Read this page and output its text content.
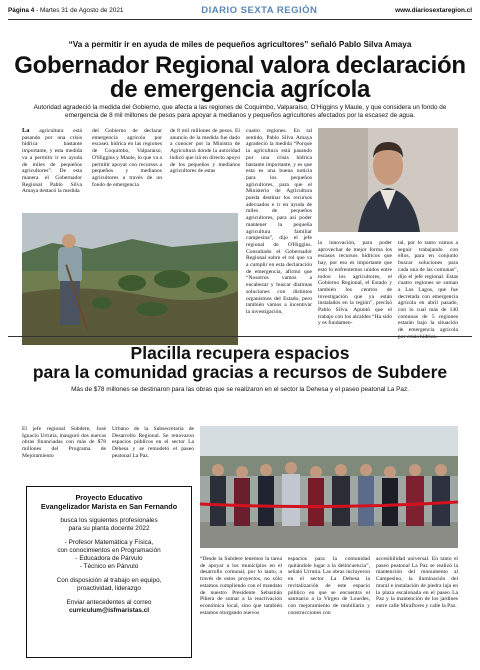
Página 4 - Martes 31 de Agosto de 2021	DIARIO SEXTA REGIÓN	www.diariosextaregion.cl
“Va a permitir ir en ayuda de miles de pequeños agricultores” señaló Pablo Silva Amaya
Gobernador Regional valora declaración
de emergencia agrícola
Autoridad agradeció la medida del Gobierno, que afecta a las regiones de Coquimbo, Valparaíso, O'Higgins y Maule, y que considera un fondo de emergencia de 8 mil millones de pesos para apoyar a medianos y pequeños agricultores afectados por la escasez de agua.
La agricultura está pasando por una crisis hídrica bastante importante, y esta medida va a permitir ir en ayuda de miles de pequeños agricultores”. De esta manera el Gobernador Regional Pablo Silva Amaya destacó la medida
del Gobierno de declarar emergencia agrícola por escasez hídrica en las regiones de Coquimbo, Valparaíso, O'Higgins y Maule, lo que va a permitir apoyar con recursos a pequeños y medianos agricultores a través de un fondo de emergencia
de 8 mil millones de pesos. El anuncio de la medida fue dado a conocer por la Ministra de Agricultura donde la autoridad indicó que irá en directo apoyo de los pequeños y medianos agricultores de estas
cuatro regiones. En tal sentido, Pablo Silva Amaya agradeció la medida “Porque la agricultura está pasando por una crisis hídrica bastante importante, y es que esta es una buena noticia para los pequeños agricultores, para que el Ministerio de Agricultura pueda destinar los recursos adecuados e ir en ayuda de miles de pequeños agricultores, para así poder mantener la pequeña agricultura familiar campesina”, dijo el jefe regional de O'Higgins. Consultado el Gobernador Regional sobre el rol que va a cumplir en esta declaración de emergencia, afirmó que “Nosotros vamos a encabezar y buscar distintas soluciones con distintos organismos del Estado, pero también vamos a incentivar la investigación,
la innovación, para poder aprovechar de mejor forma los escasos recursos hídricos que hay, por eso es importante que esto lo enfrentemos unidos entre todos: los agricultores, el Gobierno Regional, el Estado y también los centros de investigación que ya están instalados en la región”, precisó Pablo Silva. Apuntó que el trabajo con los alcaldes “Ha sido y es fundamen-
tal, por lo tanto vamos a seguir trabajando con ellos, para en conjunto buscar soluciones para cada una de las comunas”, dijo el jefe regional. Estas cuatro regiones se suman a Los Lagos, que fue decretada con emergencia agrícola en abril pasado, con lo cual más de 140 comunas de 5 regiones estarán bajo la situación de emergencia agrícola
Placilla recupera espacios
para la comunidad gracias a recursos de Subdere
Más de $78 millones se destinaron para las obras que se realizaron en el sector la Dehesa y el paseo peatonal La Paz.
El jefe regional Subdere, José Ignacio Urrutia, inauguró dos nuevas obras financiadas con más de $78 millones del Programa de Mejoramiento
Urbano de la Subsecretaría de Desarrollo Regional. Se renovaron espacios públicos en el sector La Dehesa y se remodeló el paseo peatonal La Paz.
“Desde la Subdere tenemos la tarea de apoyar a los municipios en el desarrollo comunal, por lo tanto, a través de estos proyectos, no sólo estamos cumpliendo con el mandato de nuestro Presidente Sebastián Piñera de sumar a la reactivación económica local, sino que también estamos otorgando nuevos
espacios para la comunidad quitándole lugar a la delincuencia”, señaló Urrutia. Las obras incluyeron en el sector La Dehesa la revitalización de este espacio público en que se encuentra el santuario a la Virgen de Lourdes, con mejoramiento de mobiliario y construcciones con
accesibilidad universal. En tanto el paseo peatonal La Paz se realizó la mantención del monumento al Campesino, la iluminación del mural e instalación de piedra laja en la plaza escalonada en el paseo La Paz y la mantención de los jardines entre calle Miraflores y calle la Paz.
Proyecto Educativo
Evangelizador Marista en San Fernando
busca los siguientes profesionales
para su planta docente 2022
- Profesor Matemática y Física,
con conocimientos en Programación
- Educadora de Párvulo
- Técnico en Párvulo
Con disposición al trabajo en equipo,
proactividad, liderazgo
Enviar antecedentes al correo
curriculum@isfmaristas.cl
